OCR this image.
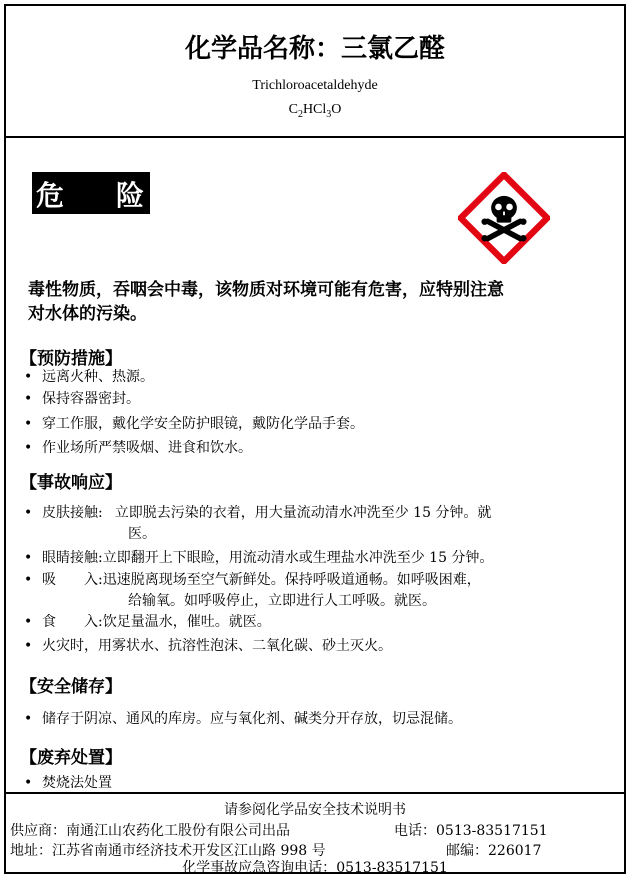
化学品名称：三氯乙醛
Trichloroacetaldehyde
$C_2HCl_3O$
危 险
毒性物质，吞咽会中毒，该物质对环境可能有危害，应特别注意
对水体的污染。
【预防措施】
• 远离火种、热源。
• 保持容器密封。
• 穿工作服，戴化学安全防护眼镜，戴防化学品手套。
• 作业场所严禁吸烟、进食和饮水。
【事故响应】
• 皮肤接触: 立即脱去污染的衣着，用大量流动清水冲洗至少 15 分钟。就
医。
• 眼睛接触:立即翻开上下眼睑，用流动清水或生理盐水冲洗至少 15 分钟。
• 吸　　入:迅速脱离现场至空气新鲜处。保持呼吸道通畅。如呼吸困难，
给输氧。如呼吸停止，立即进行人工呼吸。就医。
• 食　　入:饮足量温水，催吐。就医。
• 火灾时，用雾状水、抗溶性泡沫、二氧化碳、砂土灭火。
【安全储存】
• 储存于阴凉、通风的库房。应与氧化剂、碱类分开存放，切忌混储。
【废弃处置】
• 焚烧法处置
请参阅化学品安全技术说明书
供应商：南通江山农药化工股份有限公司出品	电话：0513-83517151
地址：江苏省南通市经济技术开发区江山路 998 号	邮编：226017
化学事故应急咨询电话：0513-83517151
